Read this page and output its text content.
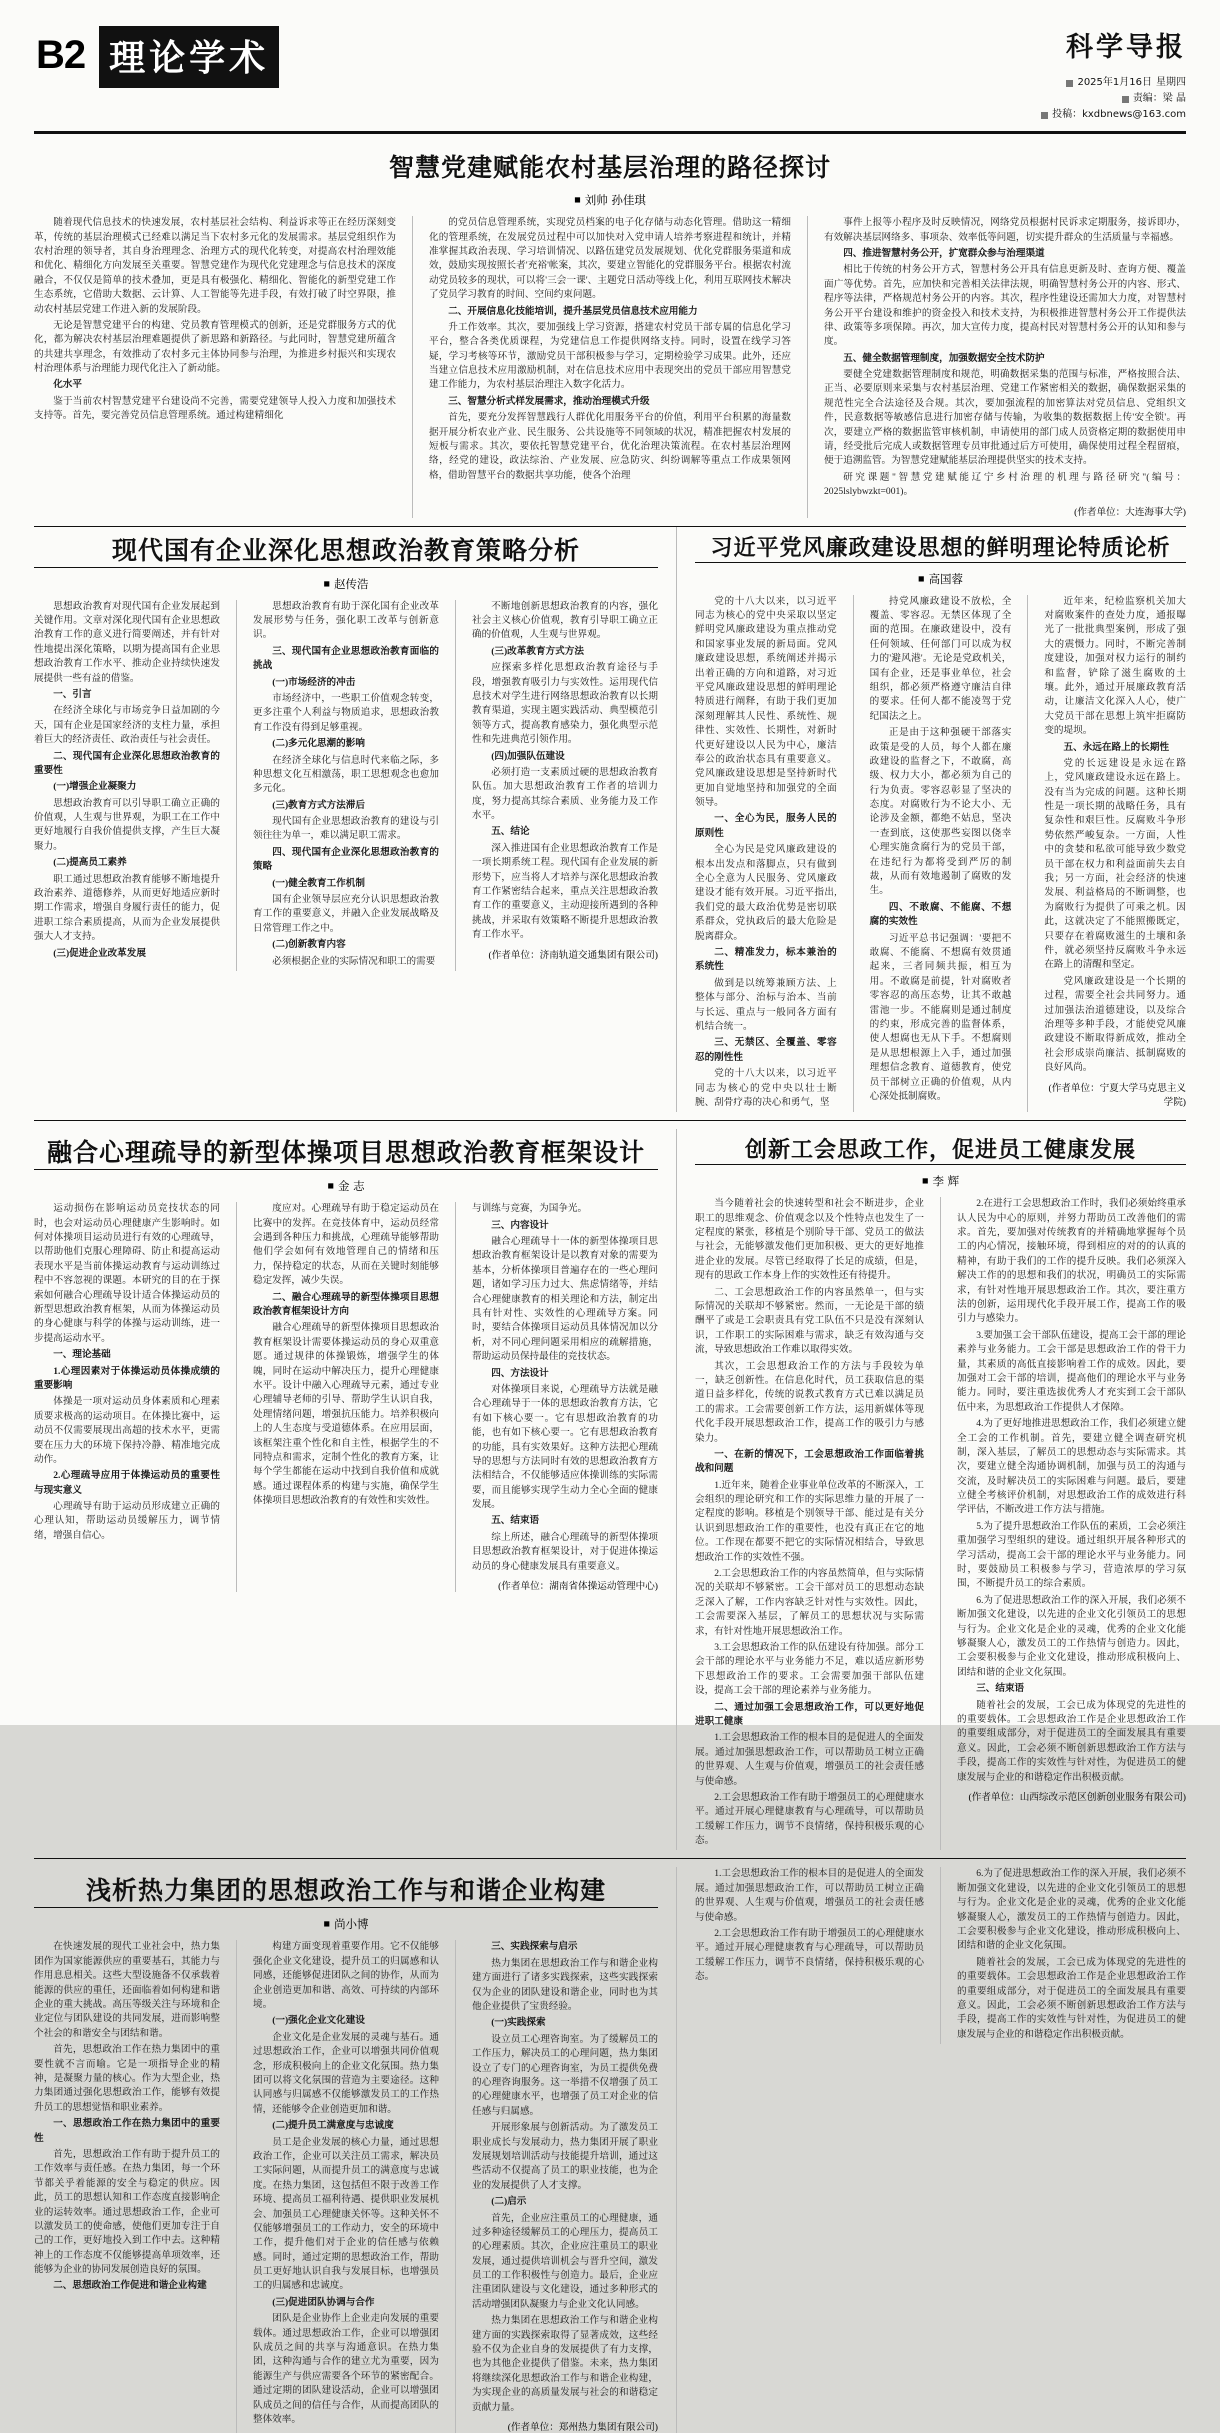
B2 理论学术	科学导报
2025年1月16日 星期四
责编：梁 晶
投稿：kxdbnews@163.com
智慧党建赋能农村基层治理的路径探讨
◼ 刘帅 孙佳琪

随着现代信息技术的快速发展，农村基层社会结构、利益诉求等正在经历深刻变革，传统的基层治理模式已经难以满足当下农村多元化的发展需求。基层党组织作为农村治理的领导者，其自身治理理念、治理方式的现代化转变，对提高农村治理效能和优化、精细化方向发展至关重要。智慧党建作为现代化党建理念与信息技术的深度融合，不仅仅是简单的技术叠加，更是具有极强化、精细化、智能化的新型党建工作生态系统，它借助大数据、云计算、人工智能等先进手段，有效打破了时空界限，推动农村基层党建工作进入新的发展阶段。

无论是智慧党建平台的构建、党员教育管理模式的创新，还是党群服务方式的优化，都为解决农村基层治理难题提供了新思路和新路径。与此同时，智慧党建所蕴含的共建共享理念，有效推动了农村多元主体协同参与治理，为推进乡村振兴和实现农村治理体系与治理能力现代化注入了新动能。

化水平

鉴于当前农村智慧党建平台建设尚不完善，需要党建领导人投入力度和加强技术支持等。首先，要完善党员信息管理系统。通过构建精细化

的党员信息管理系统，实现党员档案的电子化存储与动态化管理。借助这一精细化的管理系统，在发展党员过程中可以加快对入党申请人培养考察进程和统计，并精准掌握其政治表现、学习培训情况、以路伍建党员发展规划、优化党群服务渠道和成效，鼓励实现按照长者'充裕'帐案，其次，要建立智能化的党群服务平台。根据农村流动党员较多的现状，可以将'三会一课'、主题党日活动等线上化，利用互联网技术解决了党员学习教育的时间、空间约束问题。

二、开展信息化技能培训，提升基层党员信息技术应用能力

升工作效率。其次，要加强线上学习资源，搭建农村党员干部专属的信息化学习平台，整合各类优质课程，为党建信息工作提供网络支持。同时，设置在线学习答疑，学习考核等环节，激励党员干部积极参与学习，定期检验学习成果。此外，还应当建立信息技术应用激励机制，对在信息技术应用中表现突出的党员干部应用智慧党建工作能力，为农村基层治理注入数字化活力。

三、智慧分析式样发展需求，推动治理模式升级

首先，要充分发挥智慧践行人群优化用服务平台的价值，利用平台积累的海量数据开展分析农业产业、民生服务、公共设施等不同领域的状况，精准把握农村发展的短板与需求。其次，要依托智慧党建平台，优化治理决策流程。在农村基层治理网络，经党的建设，政法综治、产业发展、应急防灾、纠纷调解等重点工作成果领网格，借助智慧平台的数据共享功能，使各个治理

事件上报等小程序及时反映情况，网络党员根据村民诉求定期服务，接诉即办，有效解决基层网络多、事项杂、效率低等问题，切实提升群众的生活质量与幸福感。

四、推进智慧村务公开，扩宽群众参与治理渠道

相比于传统的村务公开方式，智慧村务公开具有信息更新及时、查询方便、覆盖面广等优势。首先，应加快和完善相关法律法规，明确智慧村务公开的内容、形式、程序等法律，严格规范村务公开的内容。其次，程序性建设还需加大力度，对智慧村务公开平台建设和维护的资金投入和技术支持，为积极推进智慧村务公开工作提供法律、政策等多项保障。再次，加大宣传力度，提高村民对智慧村务公开的认知和参与度。

五、健全数据管理制度，加强数据安全技术防护

要健全党建数据管理制度和规范，明确数据采集的范围与标准，严格按照合法、正当、必要原则来采集与农村基层治理、党建工作紧密相关的数据，确保数据采集的规范性完全合法途径及合规。其次，要加强流程的加密算法对党员信息、党组织文件，民意数据等敏感信息进行加密存储与传输，为收集的数据数据上传'安全锁'。再次，要建立严格的数据监管审核机制，申请使用的部门成人员资格定期的数据使用申请，经受批后完成人或数据管理专员审批通过后方可使用，确保使用过程全程留痕，便于追溯监管。为智慧党建赋能基层治理提供坚实的技术支持。

研究课题"智慧党建赋能辽宁乡村治理的机理与路径研究"(编号：2025lslybwzkt=001)。

(作者单位：大连海事大学)
现代国有企业深化思想政治教育策略分析
◼ 赵传浩

思想政治教育对现代国有企业发展起到关键作用。文章对深化现代国有企业思想政治教育工作的意义进行简要阐述，并有针对性地提出深化策略，以期为提高国有企业思想政治教育工作水平、推动企业持续快速发展提供一些有益的借鉴。

一、引言

在经济全球化与市场竞争日益加剧的今天，国有企业是国家经济的支柱力量，承担着巨大的经济责任、政治责任与社会责任。

二、现代国有企业深化思想政治教育的重要性

(一)增强企业凝聚力

思想政治教育可以引导职工确立正确的价值观，人生观与世界观，为职工在工作中更好地履行自我价值提供支撑，产生巨大凝聚力。

(二)提高员工素养

职工通过思想政治教育能够不断地提升政治素养、道德修养，从而更好地适应新时期工作需求，增强自身履行责任的能力，促进职工综合素质提高，从而为企业发展提供强大人才支持。

(三)促进企业改革发展

思想政治教育有助于深化国有企业改革发展形势与任务，强化职工改革与创新意识。

三、现代国有企业思想政治教育面临的挑战

(一)市场经济的冲击

市场经济中，一些职工价值观念转变，更多注重个人利益与物质追求，思想政治教育工作没有得到足够重视。

(二)多元化思潮的影响

在经济全球化与信息时代来临之际，多种思想文化互相激荡，职工思想观念也愈加多元化。

(三)教育方式方法滞后

现代国有企业思想政治教育的建设与引领往往为单一，难以满足职工需求。

四、现代国有企业深化思想政治教育的策略

(一)健全教育工作机制

国有企业领导层应充分认识思想政治教育工作的重要意义，并融入企业发展战略及日常管理工作之中。

(二)创新教育内容

必须根据企业的实际情况和职工的需要

不断地创新思想政治教育的内容，强化社会主义核心价值观，教育引导职工确立正确的价值观，人生观与世界观。

(三)改革教育方式方法

应探索多样化思想政治教育途径与手段，增强教育吸引力与实效性。运用现代信息技术对学生进行网络思想政治教育以长期教育渠道，实现主题实践活动、典型模范引领等方式，提高教育感染力，强化典型示范性和先进典范引领作用。

(四)加强队伍建设

必须打造一支素质过硬的思想政治教育队伍。加大思想政治教育工作者的培训力度，努力提高其综合素质、业务能力及工作水平。

五、结论

深入推进国有企业思想政治教育工作是一项长期系统工程。现代国有企业发展的新形势下，应当将人才培养与深化思想政治教育工作紧密结合起来，重点关注思想政治教育工作的重要意义，主动迎接所遇到的各种挑战，并采取有效策略不断提升思想政治教育工作水平。

(作者单位：济南轨道交通集团有限公司)
习近平党风廉政建设思想的鲜明理论特质论析
◼ 高国蓉

党的十八大以来，以习近平同志为核心的党中央采取以坚定鲜明党风廉政建设为重点推动党和国家事业发展的新局面。党风廉政建设思想，系统阐述并揭示出着正确的方向和道路，对习近平党风廉政建设思想的鲜明理论特质进行阐释，有助于我们更加深刻理解其人民性、系统性、规律性、实效性、长期性，对新时代更好建设以人民为中心，廉洁奉公的政治状态具有重要意义。党风廉政建设思想是坚持新时代更加自觉地坚持和加强党的全面领导。

一、全心为民，服务人民的原则性

全心为民是党风廉政建设的根本出发点和落脚点，只有做到全心全意为人民服务、党风廉政建设才能有效开展。习近平指出,我们党的最大政治优势是密切联系群众，党执政后的最大危险是脱离群众。

二、精准发力，标本兼治的系统性

做到是以统筹兼顾方法、上整体与部分、治标与治本、当前与长远、重点与一般同各方面有机结合统一。

三、无禁区、全覆盖、零容忍的刚性性

党的十八大以来，以习近平同志为核心的党中央以壮士断腕、刮骨疗毒的决心和勇气，坚

持党风廉政建设不放松，全覆盖、零容忍。无禁区体现了全面的范围。在廉政建设中，没有任何领域、任何部门可以成为权力的'避风港'。无论是党政机关，国有企业，还是事业单位，社会组织，都必须严格遵守廉洁自律的要求。任何人都不能凌驾于党纪国法之上。

正是由于这种强硬干部落实政策是受的人员，每个人都在廉政建设的监督之下，不敢腐，高级、权力大小，都必须为自己的行为负责。零容忍彰显了坚决的态度。对腐败行为不论大小、无论涉及金额，都绝不姑息，坚决一查到底，这使那些妄图以侥幸心理实施贪腐行为的党员干部，在违纪行为都将受到严厉的制裁，从而有效地遏制了腐败的发生。

四、不敢腐、不能腐、不想腐的实效性

习近平总书记强调：'要把不敢腐、不能腐、不想腐有效贯通起来，三者同频共振，相互为用。不敢腐是前提，针对腐败者零容忍的高压态势，让其不敢越雷池一步。不能腐则是通过制度的约束，形成完善的监督体系，使人想腐也无从下手。不想腐则是从思想根源上入手，通过加强理想信念教育、道德教育，使党员干部树立正确的价值观，从内心深处抵制腐败。

近年来，纪检监察机关加大对腐败案件的查处力度，通报曝光了一批批典型案例，形成了强大的震慑力。同时，不断完善制度建设，加强对权力运行的制约和监督，铲除了滋生腐败的土壤。此外，通过开展廉政教育活动，让廉洁文化深入人心，使广大党员干部在思想上筑牢拒腐防变的堤坝。

五、永远在路上的长期性

党的长远建设是永远在路上，党风廉政建设永远在路上。没有当为完成的问题。这种长期性是一项长期的战略任务，具有复杂性和艰巨性。反腐败斗争形势依然严峻复杂。一方面，人性中的贪婪和私欲可能导致少数党员干部在权力和利益面前失去自我；另一方面，社会经济的快速发展、利益格局的不断调整，也为腐败行为提供了可乘之机。因此，这就决定了不能照搬既定，只要存在着腐败滋生的土壤和条件，就必须坚持反腐败斗争永远在路上的清醒和坚定。

党风廉政建设是一个长期的过程，需要全社会共同努力。通过加强法治道德建设，以及综合治理等多种手段，才能使党风廉政建设不断取得新成效，推动全社会形成崇尚廉洁、抵制腐败的良好风尚。

(作者单位：宁夏大学马克思主义学院)
融合心理疏导的新型体操项目思想政治教育框架设计
◼ 金 志

运动损伤在影响运动员竞技状态的同时，也会对运动员心理健康产生影响时。如何对体操项目运动员进行有效的心理疏导，以帮助他们克服心理障碍、防止和提高运动表现水平是当前体操运动教育与运动训练过程中不容忽视的课题。本研究的目的在于探索如何融合心理疏导设计适合体操运动员的新型思想政治教育框架，从而为体操运动员的身心健康与科学的体操与运动训练，进一步提高运动水平。

一、理论基础

1.心理因素对于体操运动员体操成绩的重要影响

体操是一项对运动员身体素质和心理素质要求极高的运动项目。在体操比赛中，运动员不仅需要展现出高超的技术水平，更需要在压力大的环境下保持冷静、精准地完成动作。

2.心理疏导应用于体操运动员的重要性与现实意义

心理疏导有助于运动员形成建立正确的心理认知，帮助运动员缓解压力，调节情绪，增强自信心。

度应对。心理疏导有助于稳定运动员在比赛中的发挥。在竞技体育中，运动员经常会遇到各种压力和挑战，心理疏导能够帮助他们学会如何有效地管理自己的情绪和压力，保持稳定的状态，从而在关键时刻能够稳定发挥，减少失误。

二、融合心理疏导的新型体操项目思想政治教育框架设计方向

融合心理疏导的新型体操项目思想政治教育框架设计需要体操运动员的身心双重意愿。通过规律的体操锻炼，增强学生的体魄，同时在运动中解决压力，提升心理健康水平。设计中融入心理疏导元素，通过专业心理辅导老师的引导、帮助学生认识自我，处理情绪问题，增强抗压能力。培养积极向上的人生态度与受道德体系。在应用层面，该框架注重个性化和自主性，根据学生的不同特点和需求，定制个性化的教育方案，让每个学生都能在运动中找到自我价值和成就感。通过课程体系的构建与实施，确保学生体操项目思想政治教育的有效性和实效性。

与训练与竞赛，为国争光。

三、内容设计

融合心理疏导十一体的新型体操项目思想政治教育框架设计是以教育对象的需要为基本，分析体操项目普遍存在的一些心理问题，诸如学习压力过大、焦虑情绪等，并结合心理健康教育的相关理论和方法，制定出具有针对性、实效性的心理疏导方案。同时，要结合体操项目运动员具体情况加以分析，对不同心理问题采用相应的疏解措施，帮助运动员保持最佳的竞技状态。

四、方法设计

对体操项目来说，心理疏导方法就是融合心理疏导于一体的思想政治教育方法，它有如下核心要一。它有思想政治教育的功能，也有如下核心要一。它有思想政治教育的功能，具有实效果好。这种方法把心理疏导的思想与方法同时有效的思想政治教育方法相结合，不仅能够适应体操训练的实际需要，而且能够实现学生动力全心全面的健康发展。

五、结束语

综上所述，融合心理疏导的新型体操项目思想政治教育框架设计，对于促进体操运动员的身心健康发展具有重要意义。

(作者单位：湖南省体操运动管理中心)
创新工会思政工作，促进员工健康发展
◼ 李 辉

当今随着社会的快速转型和社会不断进步，企业职工的思维观念、价值观念以及个性特点也发生了一定程度的紧张，移植是个别阶导干部、党员工的做法与社会，无能够激发他们更加积极、更大的更好地推进企业的发展。尽管已经取得了长足的成绩，但是，现有的思政工作本身上作的实效性还有待提升。

二、工会思想政治工作的内容虽然单一，但与实际情况的关联却不够紧密。然而，一无论是干部的绩酬平了或是工会职责具有党工队伍不只是没有深刻认识，工作职工的实际困难与需求，缺乏有效沟通与交流，导致思想政治工作难以取得实效。

其次，工会思想政治工作的方法与手段较为单一，缺乏创新性。在信息化时代，员工获取信息的渠道日益多样化，传统的说教式教育方式已难以满足员工的需求。工会需要创新工作方法，运用新媒体等现代化手段开展思想政治工作，提高工作的吸引力与感染力。

一、在新的情况下，工会思想政治工作面临着挑战和问题

1.近年来，随着企业事业单位改革的不断深入，工会组织的理论研究和工作的实际思维力量的开展了一定程度的影响。移植是个别领导干部、能过是有关分认识到思想政治工作的重要性，也没有真正在它的地位。工作现在都要不把它的实际情况相结合，导致思想政治工作的实效性不强。

2.工会思想政治工作的内容虽然简单，但与实际情况的关联却不够紧密。工会干部对员工的思想动态缺乏深入了解，工作内容缺乏针对性与实效性。因此，工会需要深入基层，了解员工的思想状况与实际需求，有针对性地开展思想政治工作。

3.工会思想政治工作的队伍建设有待加强。部分工会干部的理论水平与业务能力不足，难以适应新形势下思想政治工作的要求。工会需要加强干部队伍建设，提高工会干部的理论素养与业务能力。

二、通过加强工会思想政治工作，可以更好地促进职工健康

1.工会思想政治工作的根本目的是促进人的全面发展。通过加强思想政治工作，可以帮助员工树立正确的世界观、人生观与价值观，增强员工的社会责任感与使命感。

2.工会思想政治工作有助于增强员工的心理健康水平。通过开展心理健康教育与心理疏导，可以帮助员工缓解工作压力，调节不良情绪，保持积极乐观的心态。

2.在进行工会思想政治工作时，我们必须始终重承认人民为中心的原则，并努力帮助员工改善他们的需求。首先，要加强对传统教育的并精确地掌握每个员工的内心情况，接触环境，得到相应的对的的认真的精神，有助于我们的工作的提升反映。我们必须深入解决工作的的思想和我们的状况，明确员工的实际需求，有针对性地开展思想政治工作。其次，要注重方法的创新，运用现代化手段开展工作，提高工作的吸引力与感染力。

3.要加强工会干部队伍建设，提高工会干部的理论素养与业务能力。工会干部是思想政治工作的骨干力量，其素质的高低直接影响着工作的成效。因此，要加强对工会干部的培训，提高他们的理论水平与业务能力。同时，要注重选拔优秀人才充实到工会干部队伍中来，为思想政治工作提供人才保障。

4.为了更好地推进思想政治工作，我们必须建立健全工会的工作机制。首先，要建立健全调查研究机制，深入基层，了解员工的思想动态与实际需求。其次，要建立健全沟通协调机制，加强与员工的沟通与交流，及时解决员工的实际困难与问题。最后，要建立健全考核评价机制，对思想政治工作的成效进行科学评估，不断改进工作方法与措施。

5.为了提升思想政治工作队伍的素质，工会必须注重加强学习型组织的建设。通过组织开展各种形式的学习活动，提高工会干部的理论水平与业务能力。同时，要鼓励员工积极参与学习，营造浓厚的学习氛围，不断提升员工的综合素质。

6.为了促进思想政治工作的深入开展，我们必须不断加强文化建设，以先进的企业文化引领员工的思想与行为。企业文化是企业的灵魂，优秀的企业文化能够凝聚人心，激发员工的工作热情与创造力。因此，工会要积极参与企业文化建设，推动形成积极向上、团结和谐的企业文化氛围。

三、结束语

随着社会的发展，工会已成为体现党的先进性的的重要载体。工会思想政治工作是企业思想政治工作的重要组成部分，对于促进员工的全面发展具有重要意义。因此，工会必须不断创新思想政治工作方法与手段，提高工作的实效性与针对性，为促进员工的健康发展与企业的和谐稳定作出积极贡献。

(作者单位：山西综改示范区创新创业服务有限公司)
浅析热力集团的思想政治工作与和谐企业构建
◼ 尚小博

在快速发展的现代工业社会中，热力集团作为国家能源供应的重要基石，其能力与作用息息相关。这些大型设施备不仅承载着能源的供应的重任，还面临着如何构建和谐企业的重大挑战。高压等级关注与环境和企业定位与团队建设的共同发展，进而影响整个社会的和谐安全与团结和谐。

首先，思想政治工作在热力集团中的重要性就不言而喻。它是一项指导企业的精神，是凝聚力量的核心。作为大型企业，热力集团通过强化思想政治工作，能够有效提升员工的思想觉悟和职业素养。

一、思想政治工作在热力集团中的重要性

首先，思想政治工作有助于提升员工的工作效率与责任感。在热力集团，每一个环节都关乎着能源的安全与稳定的供应。因此，员工的思想认知和工作态度直接影响企业的运转效率。通过思想政治工作，企业可以激发员工的使命感，使他们更加专注于自己的工作，更好地投入到工作中去。这种精神上的工作态度不仅能够提高单项效率，还能够为企业的协同发展创造良好的氛围。

二、思想政治工作促进和谐企业构建

构建方面变现着重要作用。它不仅能够强化企业文化建设，提升员工的归属感和认同感，还能够促进团队之间的协作，从而为企业创造更加和谐、高效、可持续的内部环境。

(一)强化企业文化建设

企业文化是企业发展的灵魂与基石。通过思想政治工作，企业可以增强共同价值观念，形成积极向上的企业文化氛围。热力集团可以将文化氛围的营造为主要途径。这种认同感与归属感不仅能够激发员工的工作热情，还能够令企业创造更加和谐。

(二)提升员工满意度与忠诚度

员工是企业发展的核心力量，通过思想政治工作，企业可以关注员工需求，解决员工实际问题，从而提升员工的满意度与忠诚度。在热力集团，这包括但不限于改善工作环境、提高员工福利待遇、提供职业发展机会、加强员工心理健康关怀等。这种关怀不仅能够增强员工的工作动力，安全的环境中工作，提升他们对于企业的信任感与依赖感。同时，通过定期的思想政治工作，帮助员工更好地认识自我与发展目标，也增强员工的归属感和忠诚度。

(三)促进团队协调与合作

团队是企业协作上企业走向发展的重要载体。通过思想政治工作，企业可以增强团队成员之间的共享与沟通意识。在热力集团，这种沟通与合作的建立尤为重要，因为能源生产与供应需要各个环节的紧密配合。通过定期的团队建设活动，企业可以增强团队成员之间的信任与合作，从而提高团队的整体效率。

三、实践探索与启示

热力集团在思想政治工作与和谐企业构建方面进行了诸多实践探索，这些实践探索仅为企业的团队建设和谐企业，同时也为其他企业提供了宝贵经验。

(一)实践探索

设立员工心理咨询室。为了缓解员工的工作压力，解决员工的心理问题，热力集团设立了专门的心理咨询室，为员工提供免费的心理咨询服务。这一举措不仅增强了员工的心理健康水平，也增强了员工对企业的信任感与归属感。

开展形象展与创新活动。为了激发员工职业成长与发展动力，热力集团开展了职业发展规划培训活动与技能提升培训，通过这些活动不仅提高了员工的职业技能，也为企业的发展提供了人才支撑。

(二)启示

首先，企业应注重员工的心理健康，通过多种途径缓解员工的心理压力，提高员工的心理素质。其次，企业应注重员工的职业发展，通过提供培训机会与晋升空间，激发员工的工作积极性与创造力。最后，企业应注重团队建设与文化建设，通过多种形式的活动增强团队凝聚力与企业文化认同感。

热力集团在思想政治工作与和谐企业构建方面的实践探索取得了显著成效，这些经验不仅为企业自身的发展提供了有力支撑，也为其他企业提供了借鉴。未来，热力集团将继续深化思想政治工作与和谐企业构建，为实现企业的高质量发展与社会的和谐稳定贡献力量。

(作者单位：郑州热力集团有限公司)

1.工会思想政治工作的根本目的是促进人的全面发展。通过加强思想政治工作，可以帮助员工树立正确的世界观、人生观与价值观，增强员工的社会责任感与使命感。

2.工会思想政治工作有助于增强员工的心理健康水平。通过开展心理健康教育与心理疏导，可以帮助员工缓解工作压力，调节不良情绪，保持积极乐观的心态。

6.为了促进思想政治工作的深入开展，我们必须不断加强文化建设，以先进的企业文化引领员工的思想与行为。企业文化是企业的灵魂，优秀的企业文化能够凝聚人心，激发员工的工作热情与创造力。因此，工会要积极参与企业文化建设，推动形成积极向上、团结和谐的企业文化氛围。

随着社会的发展，工会已成为体现党的先进性的的重要载体。工会思想政治工作是企业思想政治工作的重要组成部分，对于促进员工的全面发展具有重要意义。因此，工会必须不断创新思想政治工作方法与手段，提高工作的实效性与针对性，为促进员工的健康发展与企业的和谐稳定作出积极贡献。
